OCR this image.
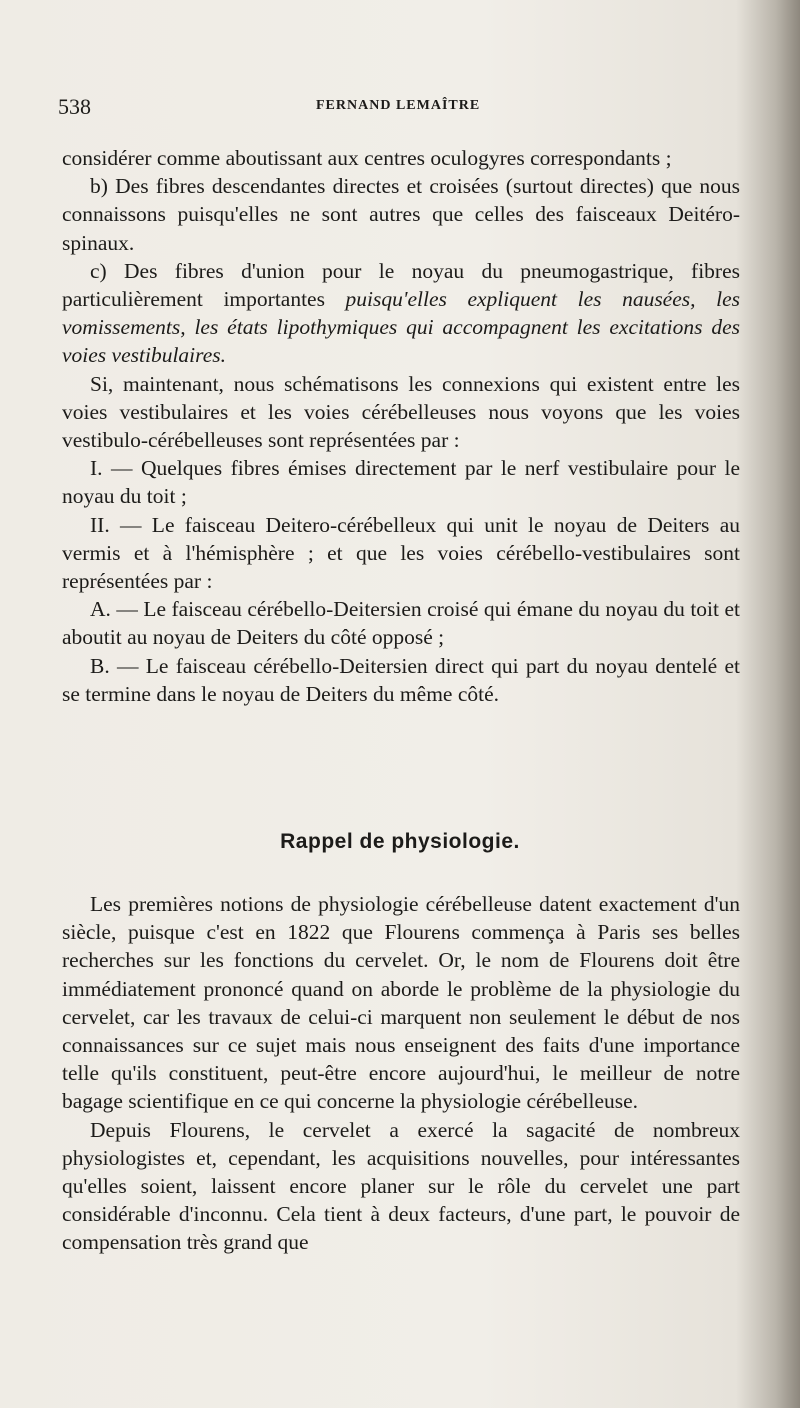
538	FERNAND LEMAÎTRE

considérer comme aboutissant aux centres oculogyres correspondants ;

b) Des fibres descendantes directes et croisées (surtout directes) que nous connaissons puisqu'elles ne sont autres que celles des faisceaux Deitéro-spinaux.

c) Des fibres d'union pour le noyau du pneumogastrique, fibres particulièrement importantes puisqu'elles expliquent les nausées, les vomissements, les états lipothymiques qui accompagnent les excitations des voies vestibulaires.

Si, maintenant, nous schématisons les connexions qui existent entre les voies vestibulaires et les voies cérébelleuses nous voyons que les voies vestibulo-cérébelleuses sont représentées par :

I. — Quelques fibres émises directement par le nerf vestibulaire pour le noyau du toit ;

II. — Le faisceau Deitero-cérébelleux qui unit le noyau de Deiters au vermis et à l'hémisphère ; et que les voies cérébello-vestibulaires sont représentées par :

A. — Le faisceau cérébello-Deitersien croisé qui émane du noyau du toit et aboutit au noyau de Deiters du côté opposé ;

B. — Le faisceau cérébello-Deitersien direct qui part du noyau dentelé et se termine dans le noyau de Deiters du même côté.

Rappel de physiologie.

Les premières notions de physiologie cérébelleuse datent exactement d'un siècle, puisque c'est en 1822 que Flourens commença à Paris ses belles recherches sur les fonctions du cervelet. Or, le nom de Flourens doit être immédiatement prononcé quand on aborde le problème de la physiologie du cervelet, car les travaux de celui-ci marquent non seulement le début de nos connaissances sur ce sujet mais nous enseignent des faits d'une importance telle qu'ils constituent, peut-être encore aujourd'hui, le meilleur de notre bagage scientifique en ce qui concerne la physiologie cérébelleuse.

Depuis Flourens, le cervelet a exercé la sagacité de nombreux physiologistes et, cependant, les acquisitions nouvelles, pour intéressantes qu'elles soient, laissent encore planer sur le rôle du cervelet une part considérable d'inconnu. Cela tient à deux facteurs, d'une part, le pouvoir de compensation très grand que
